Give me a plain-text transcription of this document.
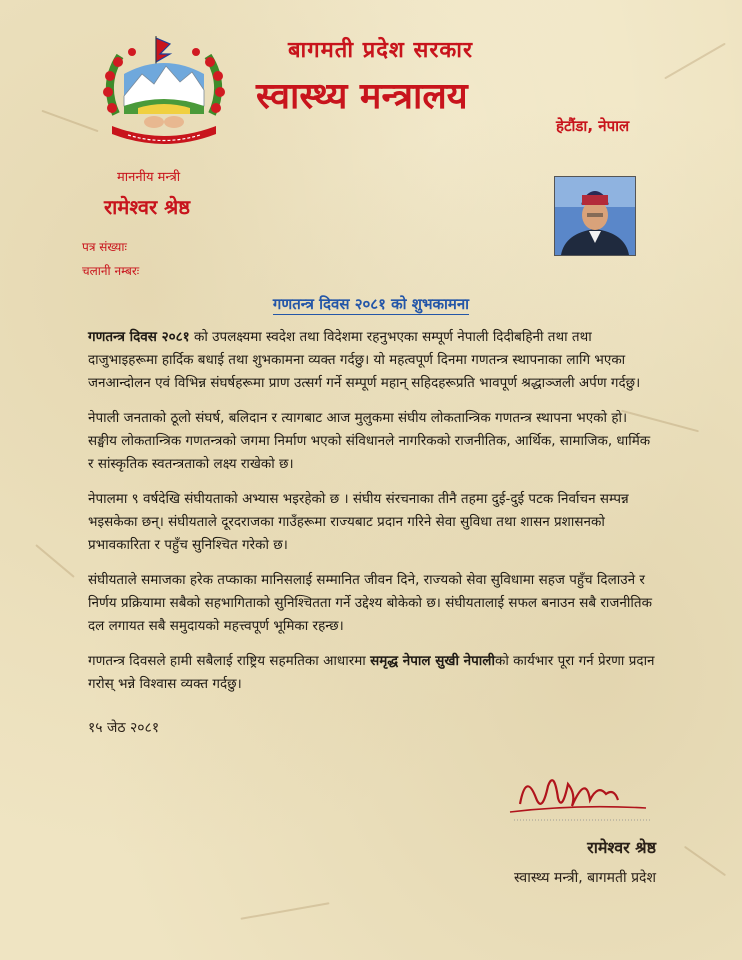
बागमती प्रदेश सरकार
स्वास्थ्य मन्त्रालय
हेटौंडा, नेपाल
माननीय मन्त्री
रामेश्वर श्रेष्ठ
पत्र संख्याः
चलानी नम्बरः
गणतन्त्र दिवस २०८१ को शुभकामना

गणतन्त्र दिवस २०८१ को उपलक्ष्यमा स्वदेश तथा विदेशमा रहनुभएका सम्पूर्ण नेपाली दिदीबहिनी तथा तथा दाजुभाइहरूमा हार्दिक बधाई तथा शुभकामना व्यक्त गर्दछु। यो महत्वपूर्ण दिनमा गणतन्त्र स्थापनाका लागि भएका जनआन्दोलन एवं विभिन्न संघर्षहरूमा प्राण उत्सर्ग गर्ने सम्पूर्ण महान् सहिदहरूप्रति भावपूर्ण श्रद्धाञ्जली अर्पण गर्दछु।

नेपाली जनताको ठूलो संघर्ष, बलिदान र त्यागबाट आज मुलुकमा संघीय लोकतान्त्रिक गणतन्त्र स्थापना भएको हो। सङ्घीय लोकतान्त्रिक गणतन्त्रको जगमा निर्माण भएको संविधानले नागरिकको राजनीतिक, आर्थिक, सामाजिक, धार्मिक र सांस्कृतिक स्वतन्त्रताको लक्ष्य राखेको छ।

नेपालमा ९ वर्षदेखि संघीयताको अभ्यास भइरहेको छ । संघीय संरचनाका तीनै तहमा दुई-दुई पटक निर्वाचन सम्पन्न भइसकेका छन्। संघीयताले दूरदराजका गाउँहरूमा राज्यबाट प्रदान गरिने सेवा सुविधा तथा शासन प्रशासनको प्रभावकारिता र पहुँच सुनिश्चित गरेको छ।

संघीयताले समाजका हरेक तप्काका मानिसलाई सम्मानित जीवन दिने, राज्यको सेवा सुविधामा सहज पहुँच दिलाउने र निर्णय प्रक्रियामा सबैको सहभागिताको सुनिश्चितता गर्ने उद्देश्य बोकेको छ। संघीयतालाई सफल बनाउन सबै राजनीतिक दल लगायत सबै समुदायको महत्त्वपूर्ण भूमिका रहन्छ।

गणतन्त्र दिवसले हामी सबैलाई राष्ट्रिय सहमतिका आधारमा समृद्ध नेपाल सुखी नेपालीको कार्यभार पूरा गर्न प्रेरणा प्रदान गरोस् भन्ने विश्वास व्यक्त गर्दछु।

१५ जेठ २०८१
रामेश्वर श्रेष्ठ
स्वास्थ्य मन्त्री, बागमती प्रदेश
